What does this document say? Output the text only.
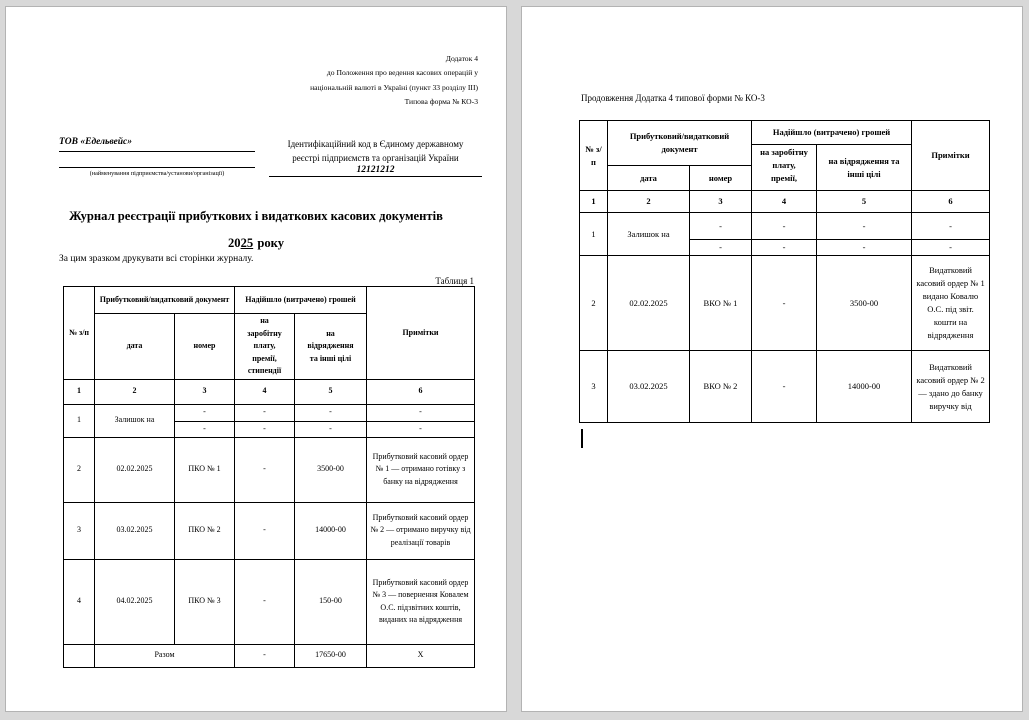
Додаток 4
до Положення про ведення касових операцій у
національній валюті в Україні (пункт 33 розділу III)
Типова форма № КО-3
ТОВ «Едельвейс»
(найменування підприємства/установи/організації)
Ідентифікаційний код в Єдиному державному
реєстрі підприємств та організацій України
12121212
Журнал реєстрації прибуткових і видаткових касових документів
2025 року
За цим зразком друкувати всі сторінки журналу.
Таблиця 1
№ з/п	Прибутковий/видатковий документ		Надійшло (витрачено) грошей		Примітки

			на заробітну плату, премії, стипендії	на відрядження та інші цілі	

	дата	номер			
1	2	3	4	5	6
1	Залишок на	-	-	-	-
		-	-	-	-
2	02.02.2025	ПКО № 1	-	3500-00	Прибутковий касовий ордер № 1 — отримано готівку з банку на відрядження
3	03.02.2025	ПКО № 2	-	14000-00	Прибутковий касовий ордер № 2 — отримано виручку від реалізації товарів
4	04.02.2025	ПКО № 3	-	150-00	Прибутковий касовий ордер № 3 — повернення Ковалем О.С. підзвітних коштів, виданих на відрядження
	Разом		-	17650-00	Х
Продовження Додатка 4 типової форми № КО-3
№ з/п	Прибутковий/видатковий документ		Надійшло (витрачено) грошей		Примітки

			на заробітну плату, премії,	на відрядження та інші цілі	

	дата	номер			
1	2	3	4	5	6
1	Залишок на	-	-	-	-
		-	-	-	-
2	02.02.2025	ВКО № 1	-	3500-00	Видатковий касовий ордер № 1 видано Ковалю О.С. під звіт. кошти на відрядження
3	03.02.2025	ВКО № 2	-	14000-00	Видатковий касовий ордер № 2 — здано до банку виручку від
